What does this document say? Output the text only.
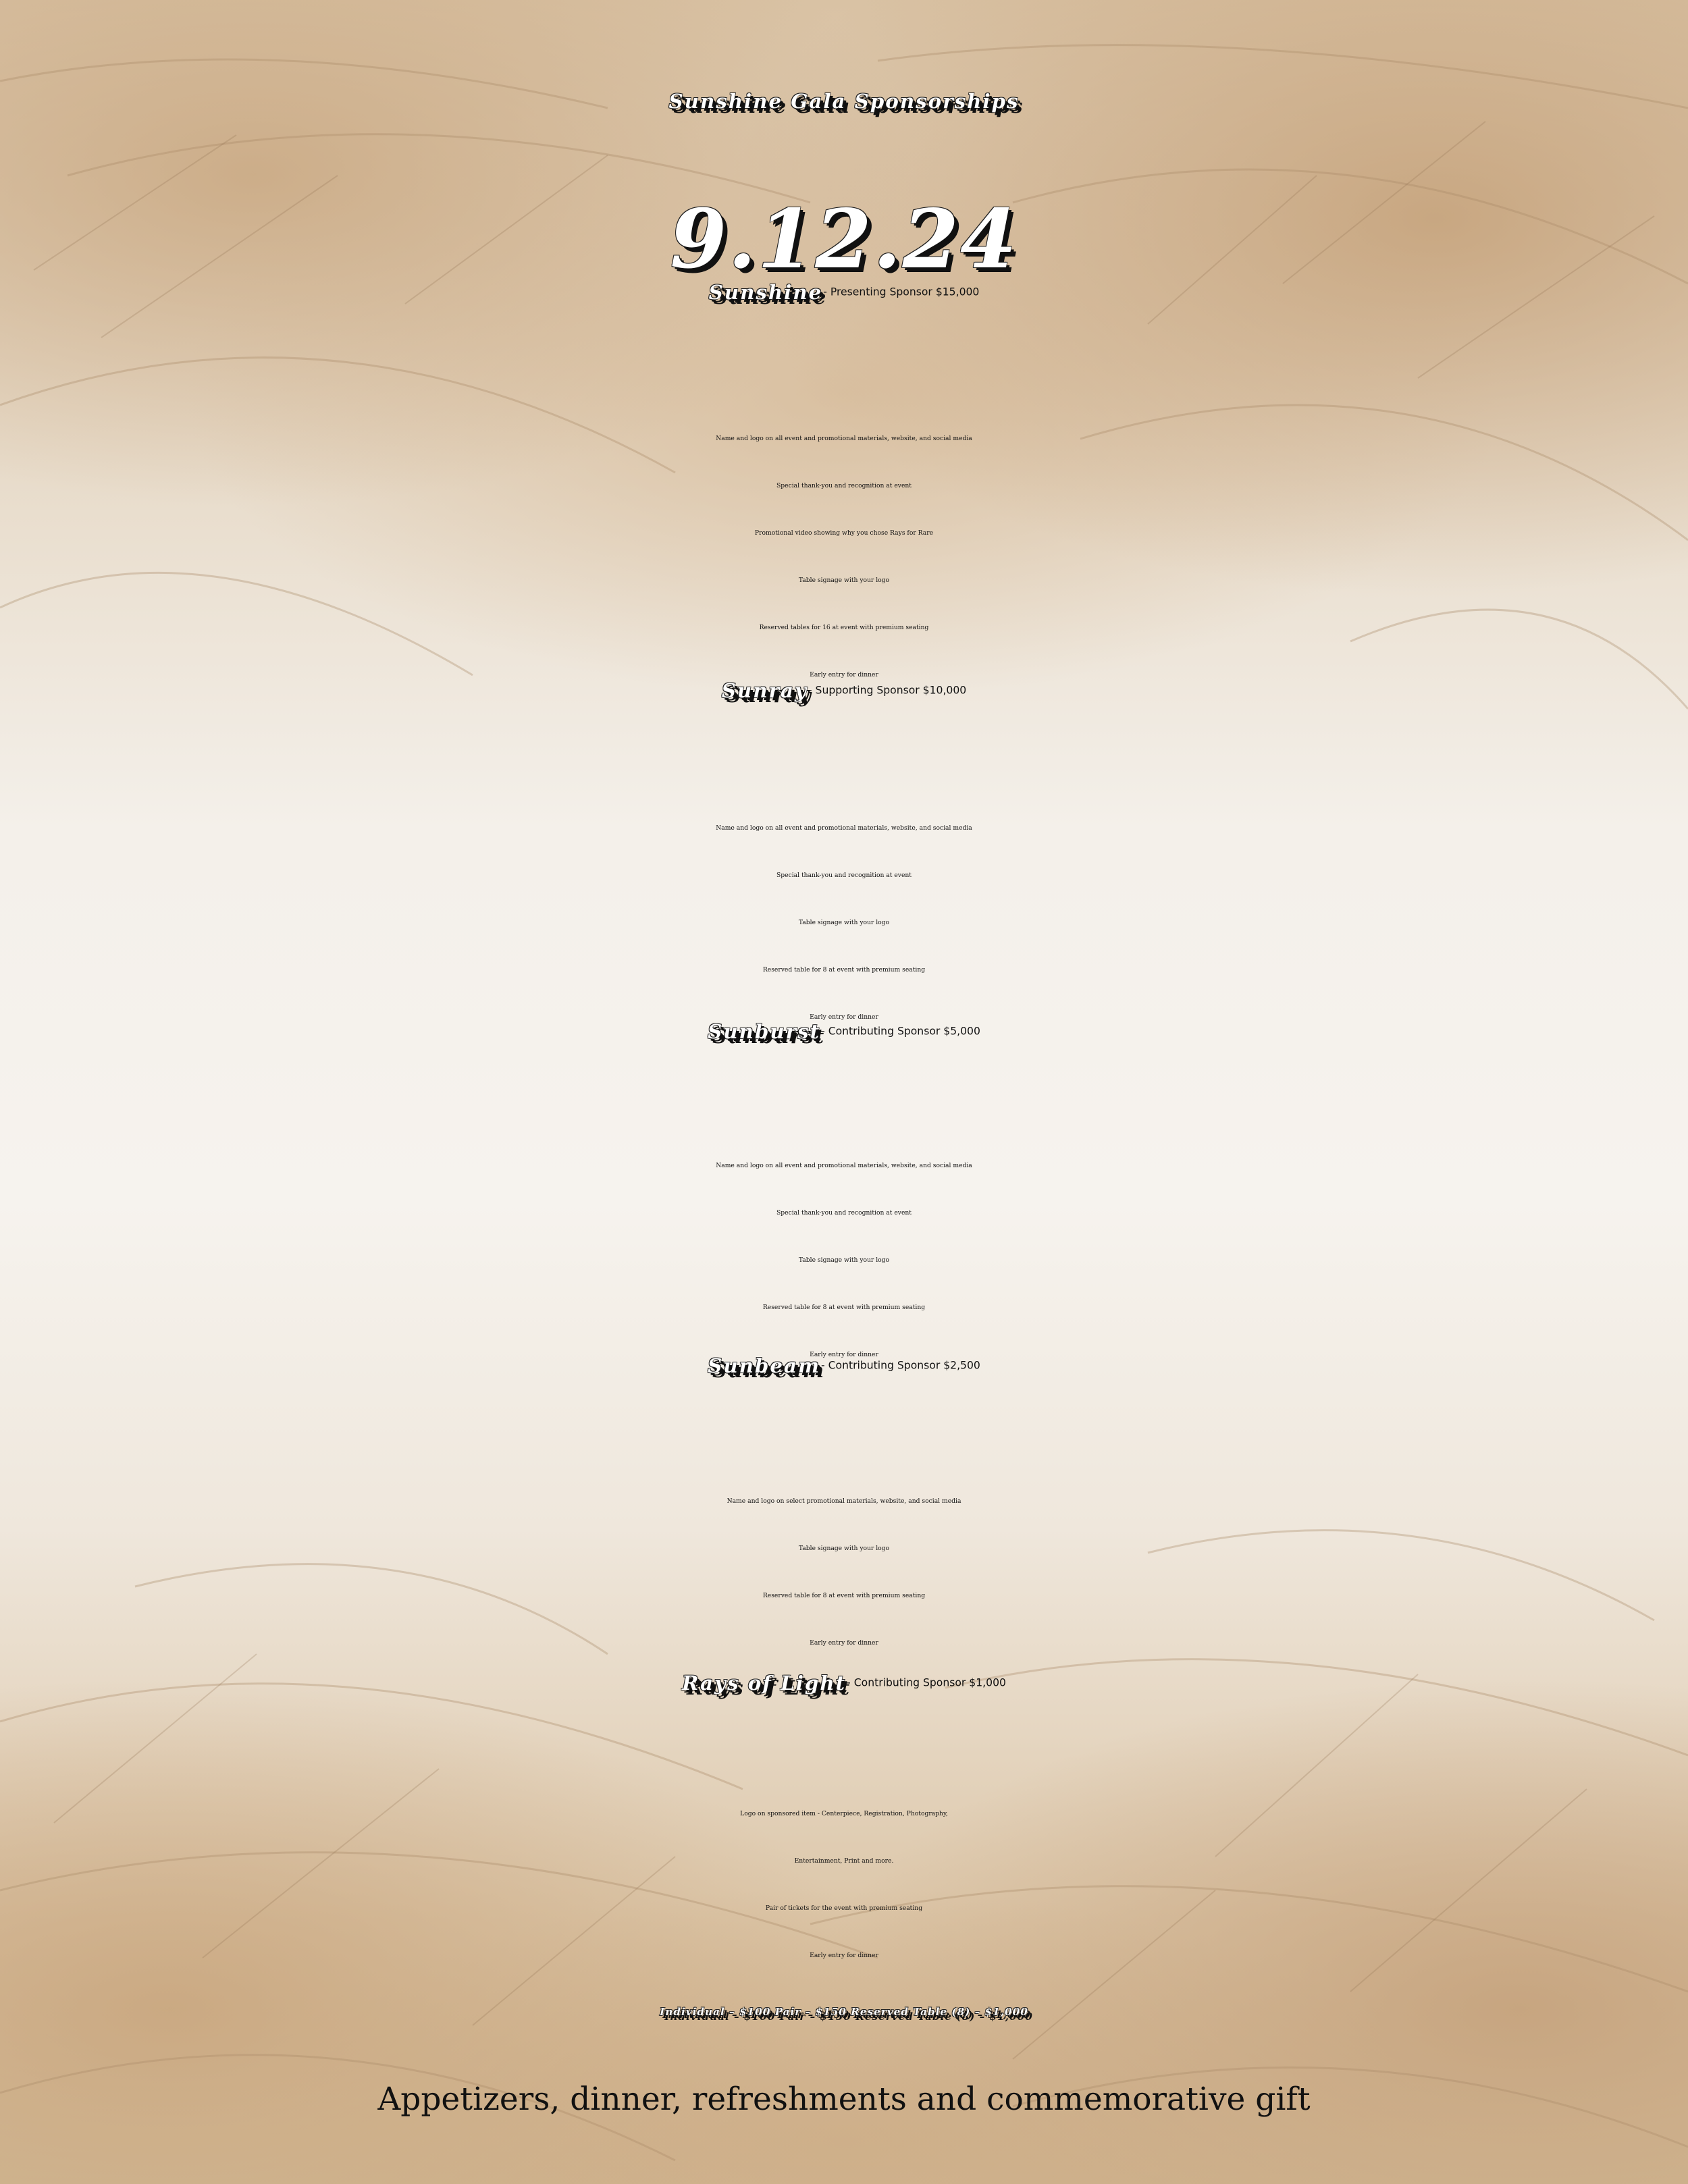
Sunshine Gala Sponsorships
9.12.24
Sunshine - Presenting Sponsor $15,000
Name and logo on all event and promotional materials, website, and social media
Special thank-you and recognition at event
Promotional video showing why you chose Rays for Rare
Table signage with your logo
Reserved tables for 16 at event with premium seating
Early entry for dinner
Sunray - Supporting Sponsor $10,000
Name and logo on all event and promotional materials, website, and social media
Special thank-you and recognition at event
Table signage with your logo
Reserved table for 8 at event with premium seating
Early entry for dinner
Sunburst - Contributing Sponsor $5,000
Name and logo on all event and promotional materials, website, and social media
Special thank-you and recognition at event
Table signage with your logo
Reserved table for 8 at event with premium seating
Early entry for dinner
Sunbeam - Contributing Sponsor $2,500
Name and logo on select promotional materials, website, and social media
Table signage with your logo
Reserved table for 8 at event with premium seating
Early entry for dinner
Rays of Light - Contributing Sponsor $1,000
Logo on sponsored item - Centerpiece, Registration, Photography,
Entertainment, Print and more.
Pair of tickets for the event with premium seating
Early entry for dinner
Individual – $100 Pair – $150 Reserved Table (8) – $1,000
Appetizers, dinner, refreshments and commemorative gift
